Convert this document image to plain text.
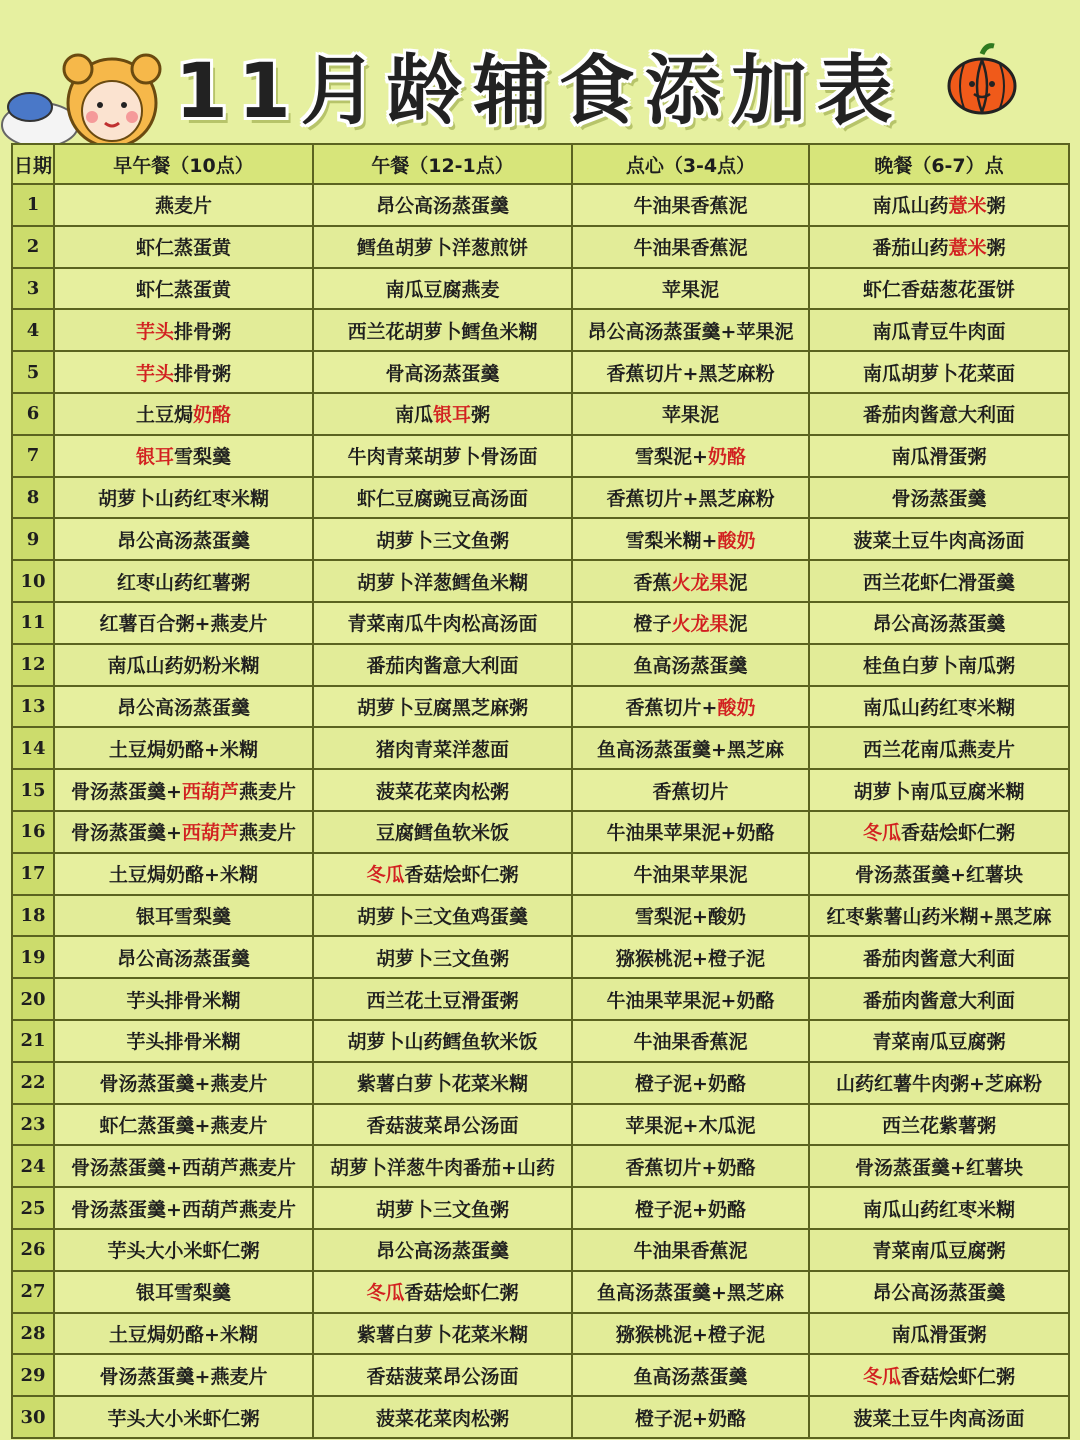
11月龄辅食添加表
日期	早午餐（10点）	午餐（12-1点）	点心（3-4点）	晚餐（6-7）点
1	燕麦片	昂公高汤蒸蛋羹	牛油果香蕉泥	南瓜山药薏米粥
2	虾仁蒸蛋黄	鳕鱼胡萝卜洋葱煎饼	牛油果香蕉泥	番茄山药薏米粥
3	虾仁蒸蛋黄	南瓜豆腐燕麦	苹果泥	虾仁香菇葱花蛋饼
4	芋头排骨粥	西兰花胡萝卜鳕鱼米糊	昂公高汤蒸蛋羹+苹果泥	南瓜青豆牛肉面
5	芋头排骨粥	骨高汤蒸蛋羹	香蕉切片+黑芝麻粉	南瓜胡萝卜花菜面
6	土豆焗奶酪	南瓜银耳粥	苹果泥	番茄肉酱意大利面
7	银耳雪梨羹	牛肉青菜胡萝卜骨汤面	雪梨泥+奶酪	南瓜滑蛋粥
8	胡萝卜山药红枣米糊	虾仁豆腐豌豆高汤面	香蕉切片+黑芝麻粉	骨汤蒸蛋羹
9	昂公高汤蒸蛋羹	胡萝卜三文鱼粥	雪梨米糊+酸奶	菠菜土豆牛肉高汤面
10	红枣山药红薯粥	胡萝卜洋葱鳕鱼米糊	香蕉火龙果泥	西兰花虾仁滑蛋羹
11	红薯百合粥+燕麦片	青菜南瓜牛肉松高汤面	橙子火龙果泥	昂公高汤蒸蛋羹
12	南瓜山药奶粉米糊	番茄肉酱意大利面	鱼高汤蒸蛋羹	桂鱼白萝卜南瓜粥
13	昂公高汤蒸蛋羹	胡萝卜豆腐黑芝麻粥	香蕉切片+酸奶	南瓜山药红枣米糊
14	土豆焗奶酪+米糊	猪肉青菜洋葱面	鱼高汤蒸蛋羹+黑芝麻	西兰花南瓜燕麦片
15	骨汤蒸蛋羹+西葫芦燕麦片	菠菜花菜肉松粥	香蕉切片	胡萝卜南瓜豆腐米糊
16	骨汤蒸蛋羹+西葫芦燕麦片	豆腐鳕鱼软米饭	牛油果苹果泥+奶酪	冬瓜香菇烩虾仁粥
17	土豆焗奶酪+米糊	冬瓜香菇烩虾仁粥	牛油果苹果泥	骨汤蒸蛋羹+红薯块
18	银耳雪梨羹	胡萝卜三文鱼鸡蛋羹	雪梨泥+酸奶	红枣紫薯山药米糊+黑芝麻
19	昂公高汤蒸蛋羹	胡萝卜三文鱼粥	猕猴桃泥+橙子泥	番茄肉酱意大利面
20	芋头排骨米糊	西兰花土豆滑蛋粥	牛油果苹果泥+奶酪	番茄肉酱意大利面
21	芋头排骨米糊	胡萝卜山药鳕鱼软米饭	牛油果香蕉泥	青菜南瓜豆腐粥
22	骨汤蒸蛋羹+燕麦片	紫薯白萝卜花菜米糊	橙子泥+奶酪	山药红薯牛肉粥+芝麻粉
23	虾仁蒸蛋羹+燕麦片	香菇菠菜昂公汤面	苹果泥+木瓜泥	西兰花紫薯粥
24	骨汤蒸蛋羹+西葫芦燕麦片	胡萝卜洋葱牛肉番茄+山药	香蕉切片+奶酪	骨汤蒸蛋羹+红薯块
25	骨汤蒸蛋羹+西葫芦燕麦片	胡萝卜三文鱼粥	橙子泥+奶酪	南瓜山药红枣米糊
26	芋头大小米虾仁粥	昂公高汤蒸蛋羹	牛油果香蕉泥	青菜南瓜豆腐粥
27	银耳雪梨羹	冬瓜香菇烩虾仁粥	鱼高汤蒸蛋羹+黑芝麻	昂公高汤蒸蛋羹
28	土豆焗奶酪+米糊	紫薯白萝卜花菜米糊	猕猴桃泥+橙子泥	南瓜滑蛋粥
29	骨汤蒸蛋羹+燕麦片	香菇菠菜昂公汤面	鱼高汤蒸蛋羹	冬瓜香菇烩虾仁粥
30	芋头大小米虾仁粥	菠菜花菜肉松粥	橙子泥+奶酪	菠菜土豆牛肉高汤面
